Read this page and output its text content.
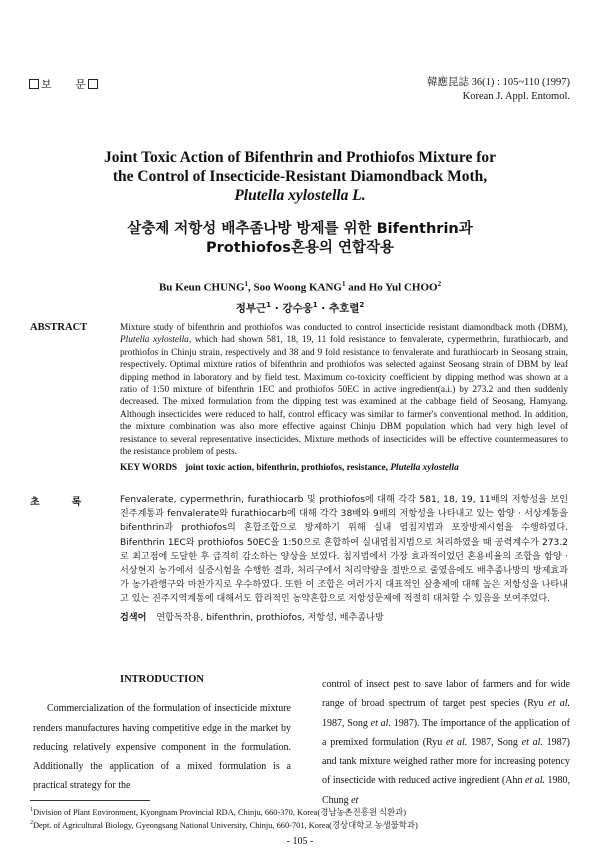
보　　문	韓應昆誌 36(1) : 105~110 (1997)
Korean J. Appl. Entomol.
Joint Toxic Action of Bifenthrin and Prothiofos Mixture for
the Control of Insecticide-Resistant Diamondback Moth,
Plutella xylostella L.
살충제 저항성 배추좀나방 방제를 위한 Bifenthrin과
Prothiofos혼용의 연합작용
Bu Keun CHUNG$^1$, Soo Woong KANG$^1$ and Ho Yul CHOO$^2$
정부근$^1$ · 강수웅$^1$ · 추호렬$^2$
ABSTRACT	Mixture study of bifenthrin and prothiofos was conducted to control insecticide resistant diamondback moth (DBM), Plutella xylostella, which had shown 581, 18, 19, 11 fold resistance to fenvalerate, cypermethrin, furathiocarb, and prothiofos in Chinju strain, respectively and 38 and 9 fold resistance to fenvalerate and furathiocarb in Seosang strain, respectively. Optimal mixture ratios of bifenthrin and prothiofos was selected against Seosang strain of DBM by leaf dipping method in laboratory and by field test. Maximum co-toxicity coefficient by dipping method was shown at a ratio of 1:50 mixture of bifenthrin 1EC and prothiofos 50EC in active ingredient(a.i.) by 273.2 and then suddenly decreased. The mixed formulation from the dipping test was examined at the cabbage field of Seosang, Hamyang. Although insecticides were reduced to half, control efficacy was similar to farmer's conventional method. In addition, the mixture combination was also more effective against Chinju DBM population which had very high level of resistance to several representative insecticides. Mixture methods of insecticides will be effective countermeasures to the resistance problem of pests.
KEY WORDS joint toxic action, bifenthrin, prothiofos, resistance, Plutella xylostella
초	록	Fenvalerate, cypermethrin, furathiocarb 및 prothiofos에 대해 각각 581, 18, 19, 11배의 저항성을 보인 진주계통과 fenvalerate와 furathiocarb에 대해 각각 38배와 9배의 저항성을 나타내고 있는 함양 · 서상계통을 bifenthrin과 prothiofos의 혼합조합으로 방제하기 위해 실내 엽침지법과 포장방제시험을 수행하였다. Bifenthrin 1EC와 prothiofos 50EC을 1:50으로 혼합하여 실내엽침지법으로 처리하였을 때 공력계수가 273.2로 최고점에 도달한 후 급격히 감소하는 양상을 보였다. 침지법에서 가장 효과적이었던 혼용비율의 조합을 함양 · 서상현지 농가에서 실증시험을 수행한 결과, 처리구에서 처리약량을 절반으로 줄였음에도 배추좀나방의 방제효과가 농가관행구와 마찬가지로 우수하였다. 또한 이 조합은 여러가지 대표적인 살충제에 대해 높은 저항성을 나타내고 있는 진주지역계통에 대해서도 합리적인 농약혼합으로 저항성문제에 적절히 대처할 수 있음을 보여주었다.
검색어 연합독작용, bifenthrin, prothiofos, 저항성, 배추좀나방
INTRODUCTION

Commercialization of the formulation of insecticide mixture renders manufactures having competitive edge in the market by reducing relatively expensive component in the formulation. Additionally the application of a mixed formulation is a practical strategy for the

control of insect pest to save labor of farmers and for wide range of broad spectrum of target pest species (Ryu et al. 1987, Song et al. 1987). The importance of the application of a premixed formulation (Ryu et al. 1987, Song et al. 1987) and tank mixture weighed rather more for increasing potency of insecticide with reduced active ingredient (Ahn et al. 1980, Chung et

$^1$Division of Plant Environment, Kyongnam Provincial RDA, Chinju, 660-370, Korea(경남농촌진흥원 식환과)
$^2$Dept. of Agricultural Biology, Gyeongsang National University, Chinju, 660-701, Korea(경상대학교 농생물학과)
- 105 -
